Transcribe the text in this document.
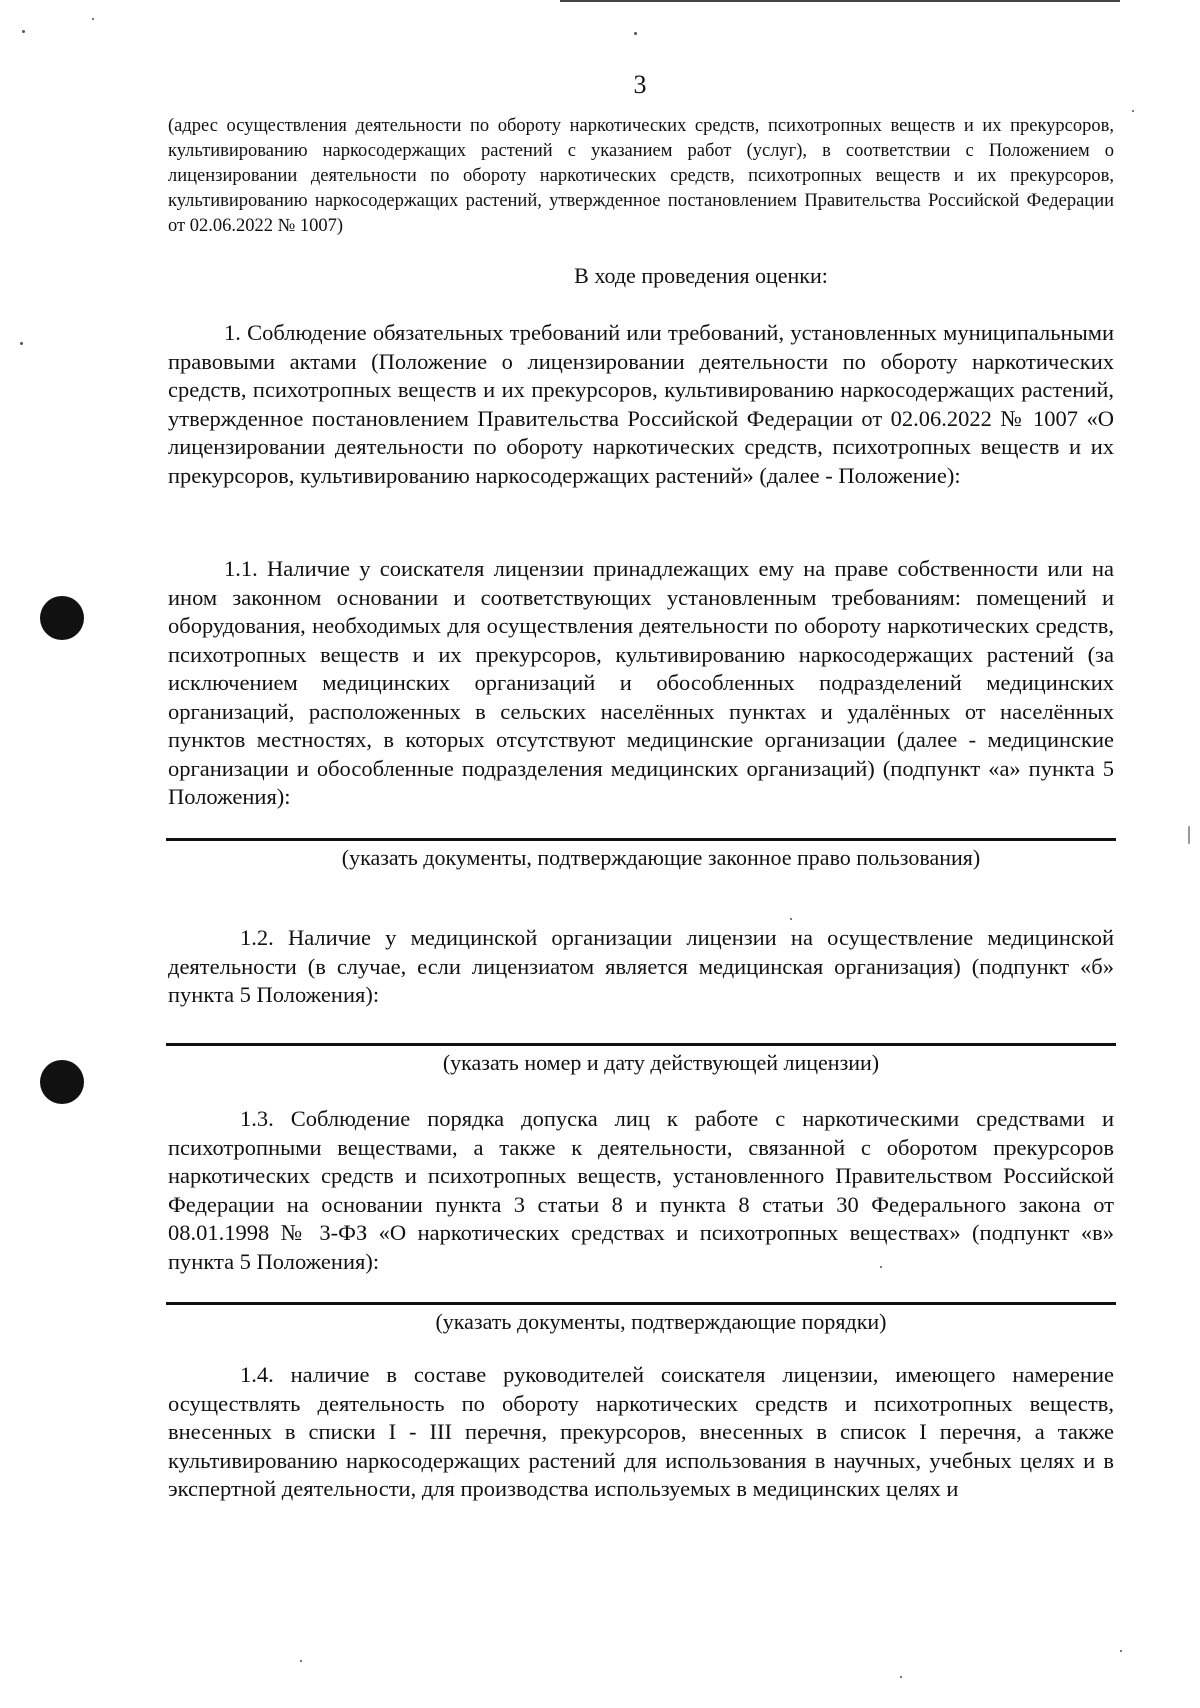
3
(адрес осуществления деятельности по обороту наркотических средств, психотропных веществ и их прекурсоров, культивированию наркосодержащих растений с указанием работ (услуг), в соответствии с Положением о лицензировании деятельности по обороту наркотических средств, психотропных веществ и их прекурсоров, культивированию наркосодержащих растений, утвержденное постановлением Правительства Российской Федерации от 02.06.2022 № 1007)
В ходе проведения оценки:
1. Соблюдение обязательных требований или требований, установленных муниципальными правовыми актами (Положение о лицензировании деятельности по обороту наркотических средств, психотропных веществ и их прекурсоров, культивированию наркосодержащих растений, утвержденное постановлением Правительства Российской Федерации от 02.06.2022 № 1007 «О лицензировании деятельности по обороту наркотических средств, психотропных веществ и их прекурсоров, культивированию наркосодержащих растений» (далее - Положение):
1.1. Наличие у соискателя лицензии принадлежащих ему на праве собственности или на ином законном основании и соответствующих установленным требованиям: помещений и оборудования, необходимых для осуществления деятельности по обороту наркотических средств, психотропных веществ и их прекурсоров, культивированию наркосодержащих растений (за исключением медицинских организаций и обособленных подразделений медицинских организаций, расположенных в сельских населённых пунктах и удалённых от населённых пунктов местностях, в которых отсутствуют медицинские организации (далее - медицинские организации и обособленные подразделения медицинских организаций) (подпункт «а» пункта 5 Положения):
(указать документы, подтверждающие законное право пользования)
1.2. Наличие у медицинской организации лицензии на осуществление медицинской деятельности (в случае, если лицензиатом является медицинская организация) (подпункт «б» пункта 5 Положения):
(указать номер и дату действующей лицензии)
1.3. Соблюдение порядка допуска лиц к работе с наркотическими средствами и психотропными веществами, а также к деятельности, связанной с оборотом прекурсоров наркотических средств и психотропных веществ, установленного Правительством Российской Федерации на основании пункта 3 статьи 8 и пункта 8 статьи 30 Федерального закона от 08.01.1998 № 3-ФЗ «О наркотических средствах и психотропных веществах» (подпункт «в» пункта 5 Положения):
(указать документы, подтверждающие порядки)
1.4. наличие в составе руководителей соискателя лицензии, имеющего намерение осуществлять деятельность по обороту наркотических средств и психотропных веществ, внесенных в списки I - III перечня, прекурсоров, внесенных в список I перечня, а также культивированию наркосодержащих растений для использования в научных, учебных целях и в экспертной деятельности, для производства используемых в медицинских целях и
